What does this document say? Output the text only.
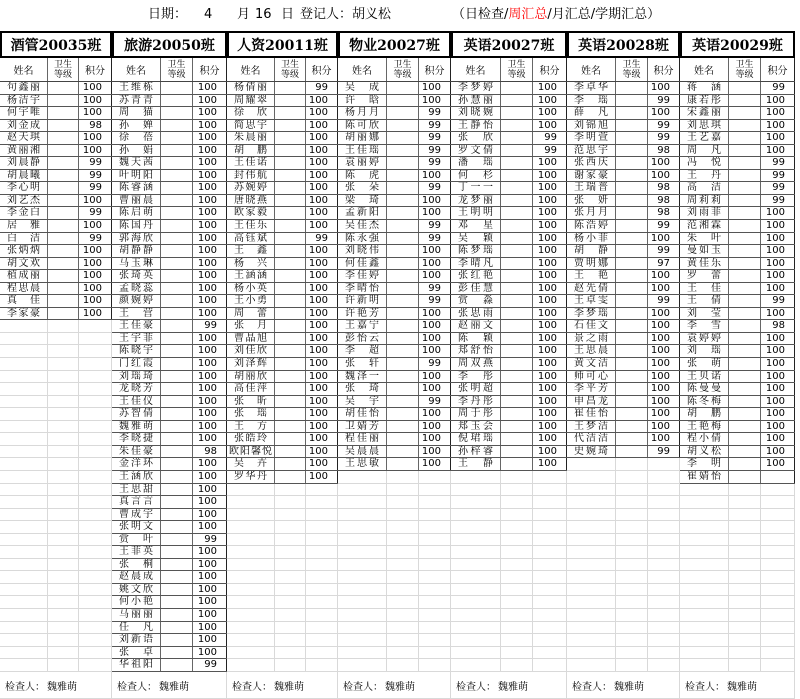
日期： 4 月 16 日 登记人： 胡义松	（日检查/周汇总/月汇总/学期汇总）
酒管20035班
姓名
卫生等级	积分
句鑫丽	100
杨洁宇	100
何宇唯	100
刘金成	98
赵天琪	100
黄丽湘	100
刘晨静	99
胡晨曦	99
李心明	99
刘艺杰	100
李金白	99
居雅	100
白洁	99
张炳炳	100
胡文欢	100
植成丽	100
程思晨	100
真佳	100
李家豪	100
检查人： 魏雅萌
旅游20050班
姓名
卫生等级	积分
王维栋	100
苏青青	100
周猫	100
孙婵	100
徐蓓	100
孙娟	100
魏天茜	100
叶明阳	100
陈睿涵	100
曹丽晨	100
陈启萌	100
陈国丹	100
郭海欣	100
胡静静	100
马玉琳	100
张琦英	100
孟晓蕊	100
颜婉婷	100
王营	100
王佳豪	99
王宇菲	100
陈晓宇	100
门红霞	100
刘瑶琦	100
龙晓芳	100
王佳仪	100
苏智倩	100
魏雅萌	100
李晓捷	100
朱佳豪	98
金洋环	100
王涵欣	100
王思甜	100
真言言	100
曹成宇	100
张明文	100
赏叶	99
王菲英	100
张桐	100
赵晨成	100
姚文欣	100
何小艳	100
马丽丽	100
任凡	100
刘新语	100
张卓	100
华祖阳	99
检查人： 魏雅萌
人资20011班
姓名
卫生等级	积分
杨倩丽	99
周耀翠	100
徐欣	100
简思宇	100
朱晨丽	100
胡鹏	100
王佳诺	100
封伟航	100
苏婉婷	100
唐晓燕	100
欧家毅	100
王佳乐	100
高钰斌	99
王鑫	100
杨兴	100
王涵涵	100
杨小英	100
王小勇	100
周蕾	100
张月	100
曹晶旭	100
刘佳欣	100
刘泽辉	100
胡丽欣	100
高佳萍	100
张昕	100
张瑶	100
王方	100
张皓玲	100
欧阳馨悦	100
吴卉	100
罗华丹	100
检查人： 魏雅萌
物业20027班
姓名
卫生等级	积分
吴成	100
许晗	100
杨月月	99
陈可欣	99
胡丽娜	99
王佳瑶	99
袁丽婷	99
陈虎	100
张朵	99
梁琦	100
孟新阳	100
吴佳杰	99
陈永强	99
刘晓伟	100
何佳鑫	100
李佳婷	100
李晴怡	99
许新明	99
许艳芳	100
王嘉宁	100
彭怡云	100
李超	100
张轩	99
魏泽一	100
张琦	100
吴宇	99
胡佳怡	100
卫婧芳	100
程佳丽	100
吴晨晨	100
王思敏	100
检查人： 魏雅萌
英语20027班
姓名
卫生等级	积分
李梦婷	100
孙慧丽	100
刘晓婉	100
王静怡	100
张欣	99
罗文倩	99
潘瑶	100
何杉	100
丁一一	100
龙梦丽	100
王明明	100
邓星	100
吴颖	100
陈梦瑶	100
李晴凡	100
张红艳	100
彭佳慧	100
赏淼	100
张思雨	100
赵丽文	100
陈颖	100
郑舒怡	100
周双燕	100
李彤	100
张明超	100
李丹彤	100
周于彤	100
郑玉会	100
倪珺瑶	100
孙梓睿	100
王静	100
检查人： 魏雅萌
英语20028班
姓名
卫生等级	积分
李卓华	100
李瑶	99
薛凡	100
刘锦旭	99
李明萱	99
范思宇	98
张西庆	100
谢家豪	100
王瑞普	98
张妍	98
张月月	98
陈浩婷	99
杨小菲	100
胡静	99
贾明娜	97
王艳	100
赵先倩	100
王卓雯	99
李梦瑶	100
石佳文	100
景之雨	100
王思晨	100
黄文洁	100
师可心	100
李平芳	100
申昌龙	100
崔佳怡	100
王梦洁	100
代洁洁	100
史婉琦	99
检查人： 魏雅萌
英语20029班
姓名
卫生等级	积分
蒋涵	99
康若彤	100
宋鑫丽	100
刘思琪	100
王艺嘉	100
周凡	100
冯悦	99
王丹	99
高洁	99
周莉莉	99
刘雨菲	100
范湘霖	100
朱叶	100
曼如玉	100
黄佳乐	100
罗蕾	100
王佳	100
王倩	99
刘莹	100
李雪	98
袁婷婷	100
刘瑶	100
张萌	100
王贝诺	100
陈曼曼	100
陈冬梅	100
胡鹏	100
王艳梅	100
程小倩	100
胡义松	100
李明	100
崔婧怡
检查人： 魏雅萌
